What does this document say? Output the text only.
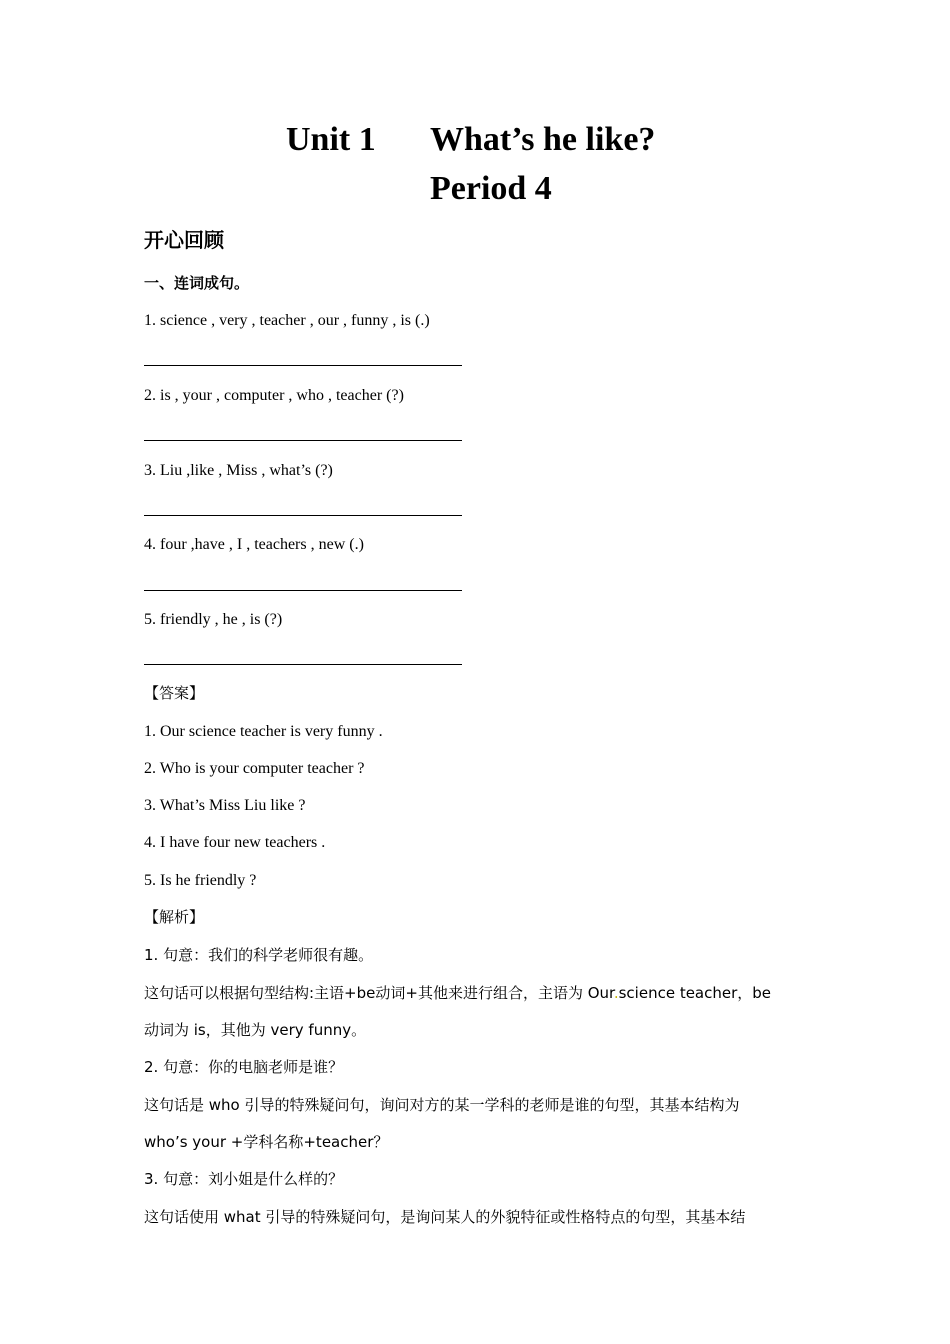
Unit 1 What’s he like?
Period 4
开心回顾
一、连词成句。
1. science , very , teacher , our , funny , is (.)
2. is , your , computer , who , teacher (?)
3. Liu ,like , Miss , what’s (?)
4. four ,have , I , teachers , new (.)
5. friendly , he , is (?)
【答案】
1. Our science teacher is very funny .
2. Who is your computer teacher ?
3. What’s Miss Liu like ?
4. I have four new teachers .
5. Is he friendly ?
【解析】
1. 句意：我们的科学老师很有趣。
这句话可以根据句型结构:主语+be动词+其他来进行组合，主语为 Our.science teacher，be
动词为 is，其他为 very funny。
2. 句意：你的电脑老师是谁？
这句话是 who 引导的特殊疑问句，询问对方的某一学科的老师是谁的句型，其基本结构为
who’s your +学科名称+teacher？
3. 句意：刘小姐是什么样的？
这句话使用 what 引导的特殊疑问句，是询问某人的外貌特征或性格特点的句型，其基本结
